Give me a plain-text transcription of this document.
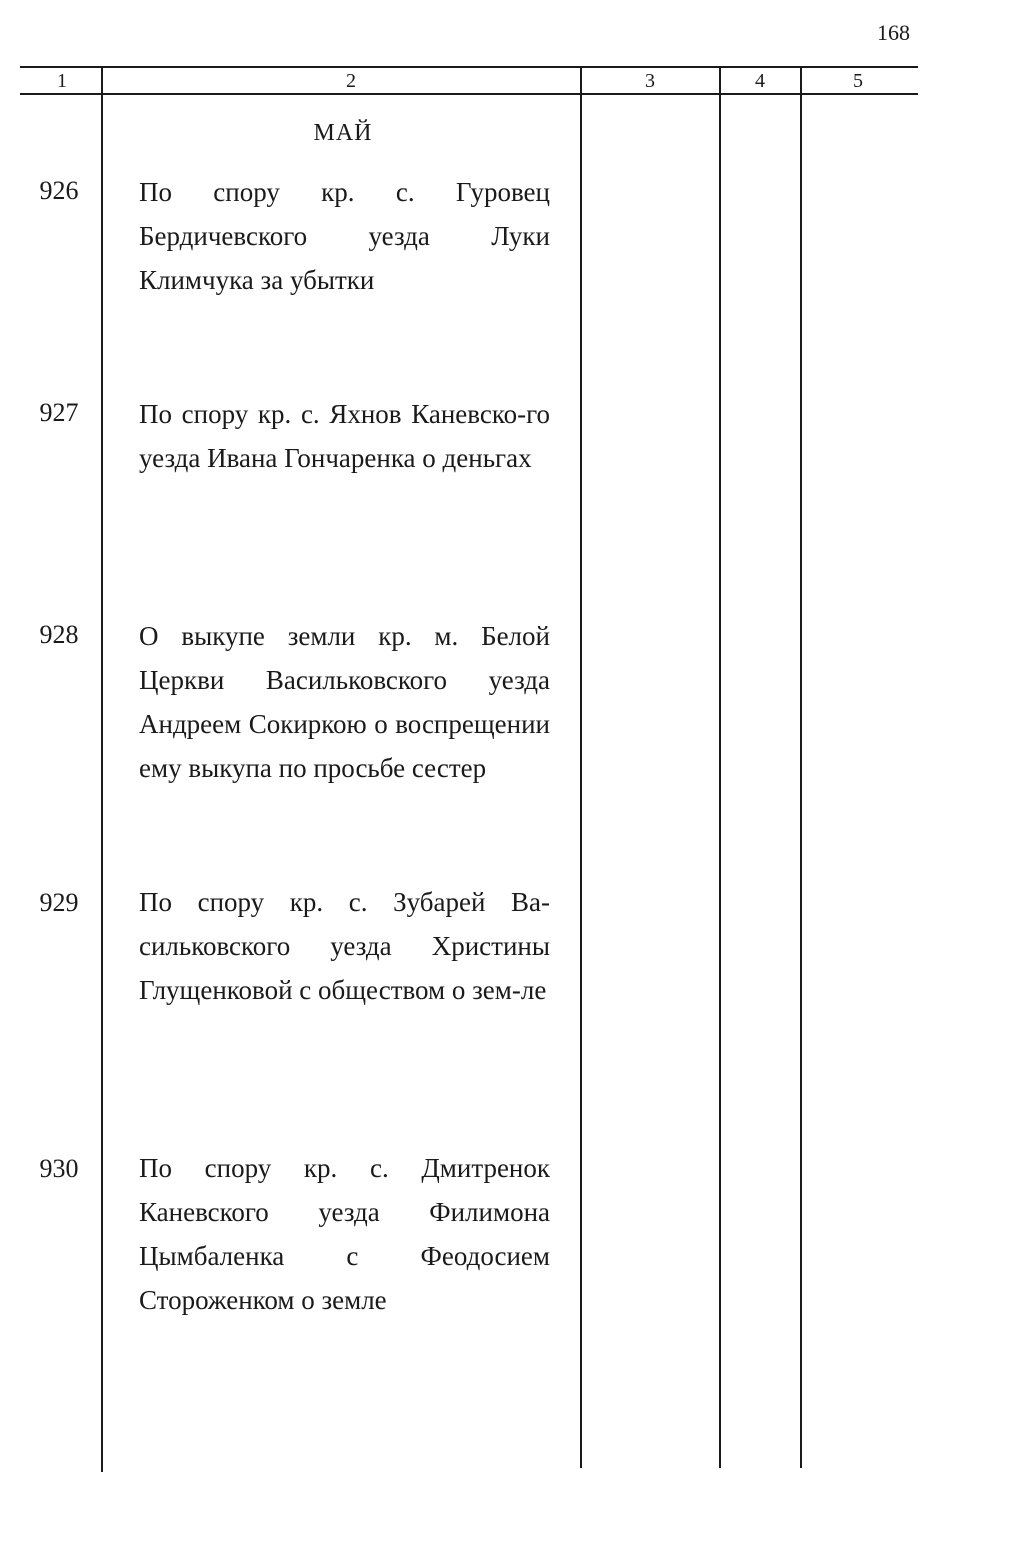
168
1	2	3	4	5
МАЙ
926	По спору кр. с. Гуровец Бердичевского уезда Луки Климчука за убытки
927	По спору кр. с. Яхнов Каневско-го уезда Ивана Гончаренка о деньгах
928	О выкупе земли кр. м. Белой Церкви Васильковского уезда Андреем Сокиркою о воспрещении ему выкупа по просьбе сестер
929	По спору кр. с. Зубарей Ва-сильковского уезда Христины Глущенковой с обществом о зем-ле
930	По спору кр. с. Дмитренок Каневского уезда Филимона Цымбаленка с Феодосием Стороженком о земле
